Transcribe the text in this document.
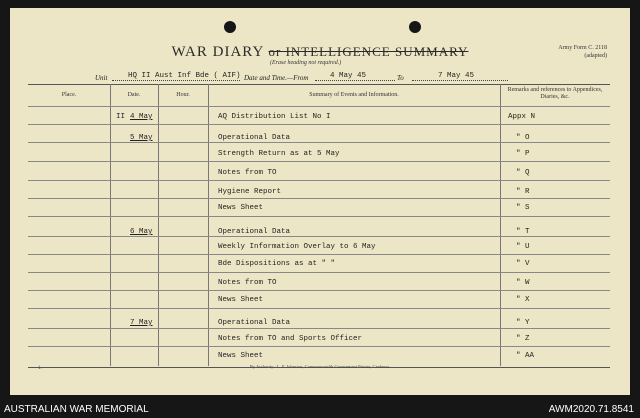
WAR DIARY or INTELLIGENCE SUMMARY
(Erase heading not required.)
Army Form C. 2118
(adapted)
Unit	HQ II Aust Inf Bde ( AIF) Date and Time.—From	4 May 45	To	7 May 45
Place.	Date.	Hour.	Summary of Events and Information.
Remarks and references to Appendices, Diaries, &c.
II 4 May	AQ Distribution List No I	Appx N
5 May	Operational Data	" O
Strength Return as at 5 May	" P
Notes from TO	" Q
Hygiene Report	" R
News Sheet	" S
6 May	Operational Data	" T
Weekly Information Overlay to 6 May	" U
Bde Dispositions as at " "	" V
Notes from TO	" W
News Sheet	" X
7 May	Operational Data	" Y
Notes from TO and Sports Officer	" Z
News Sheet	" AA
1.	By Authority : L. F. Johnston, Commonwealth Government Printer, Canberra.
AUSTRALIAN WAR MEMORIAL	AWM2020.71.8541
